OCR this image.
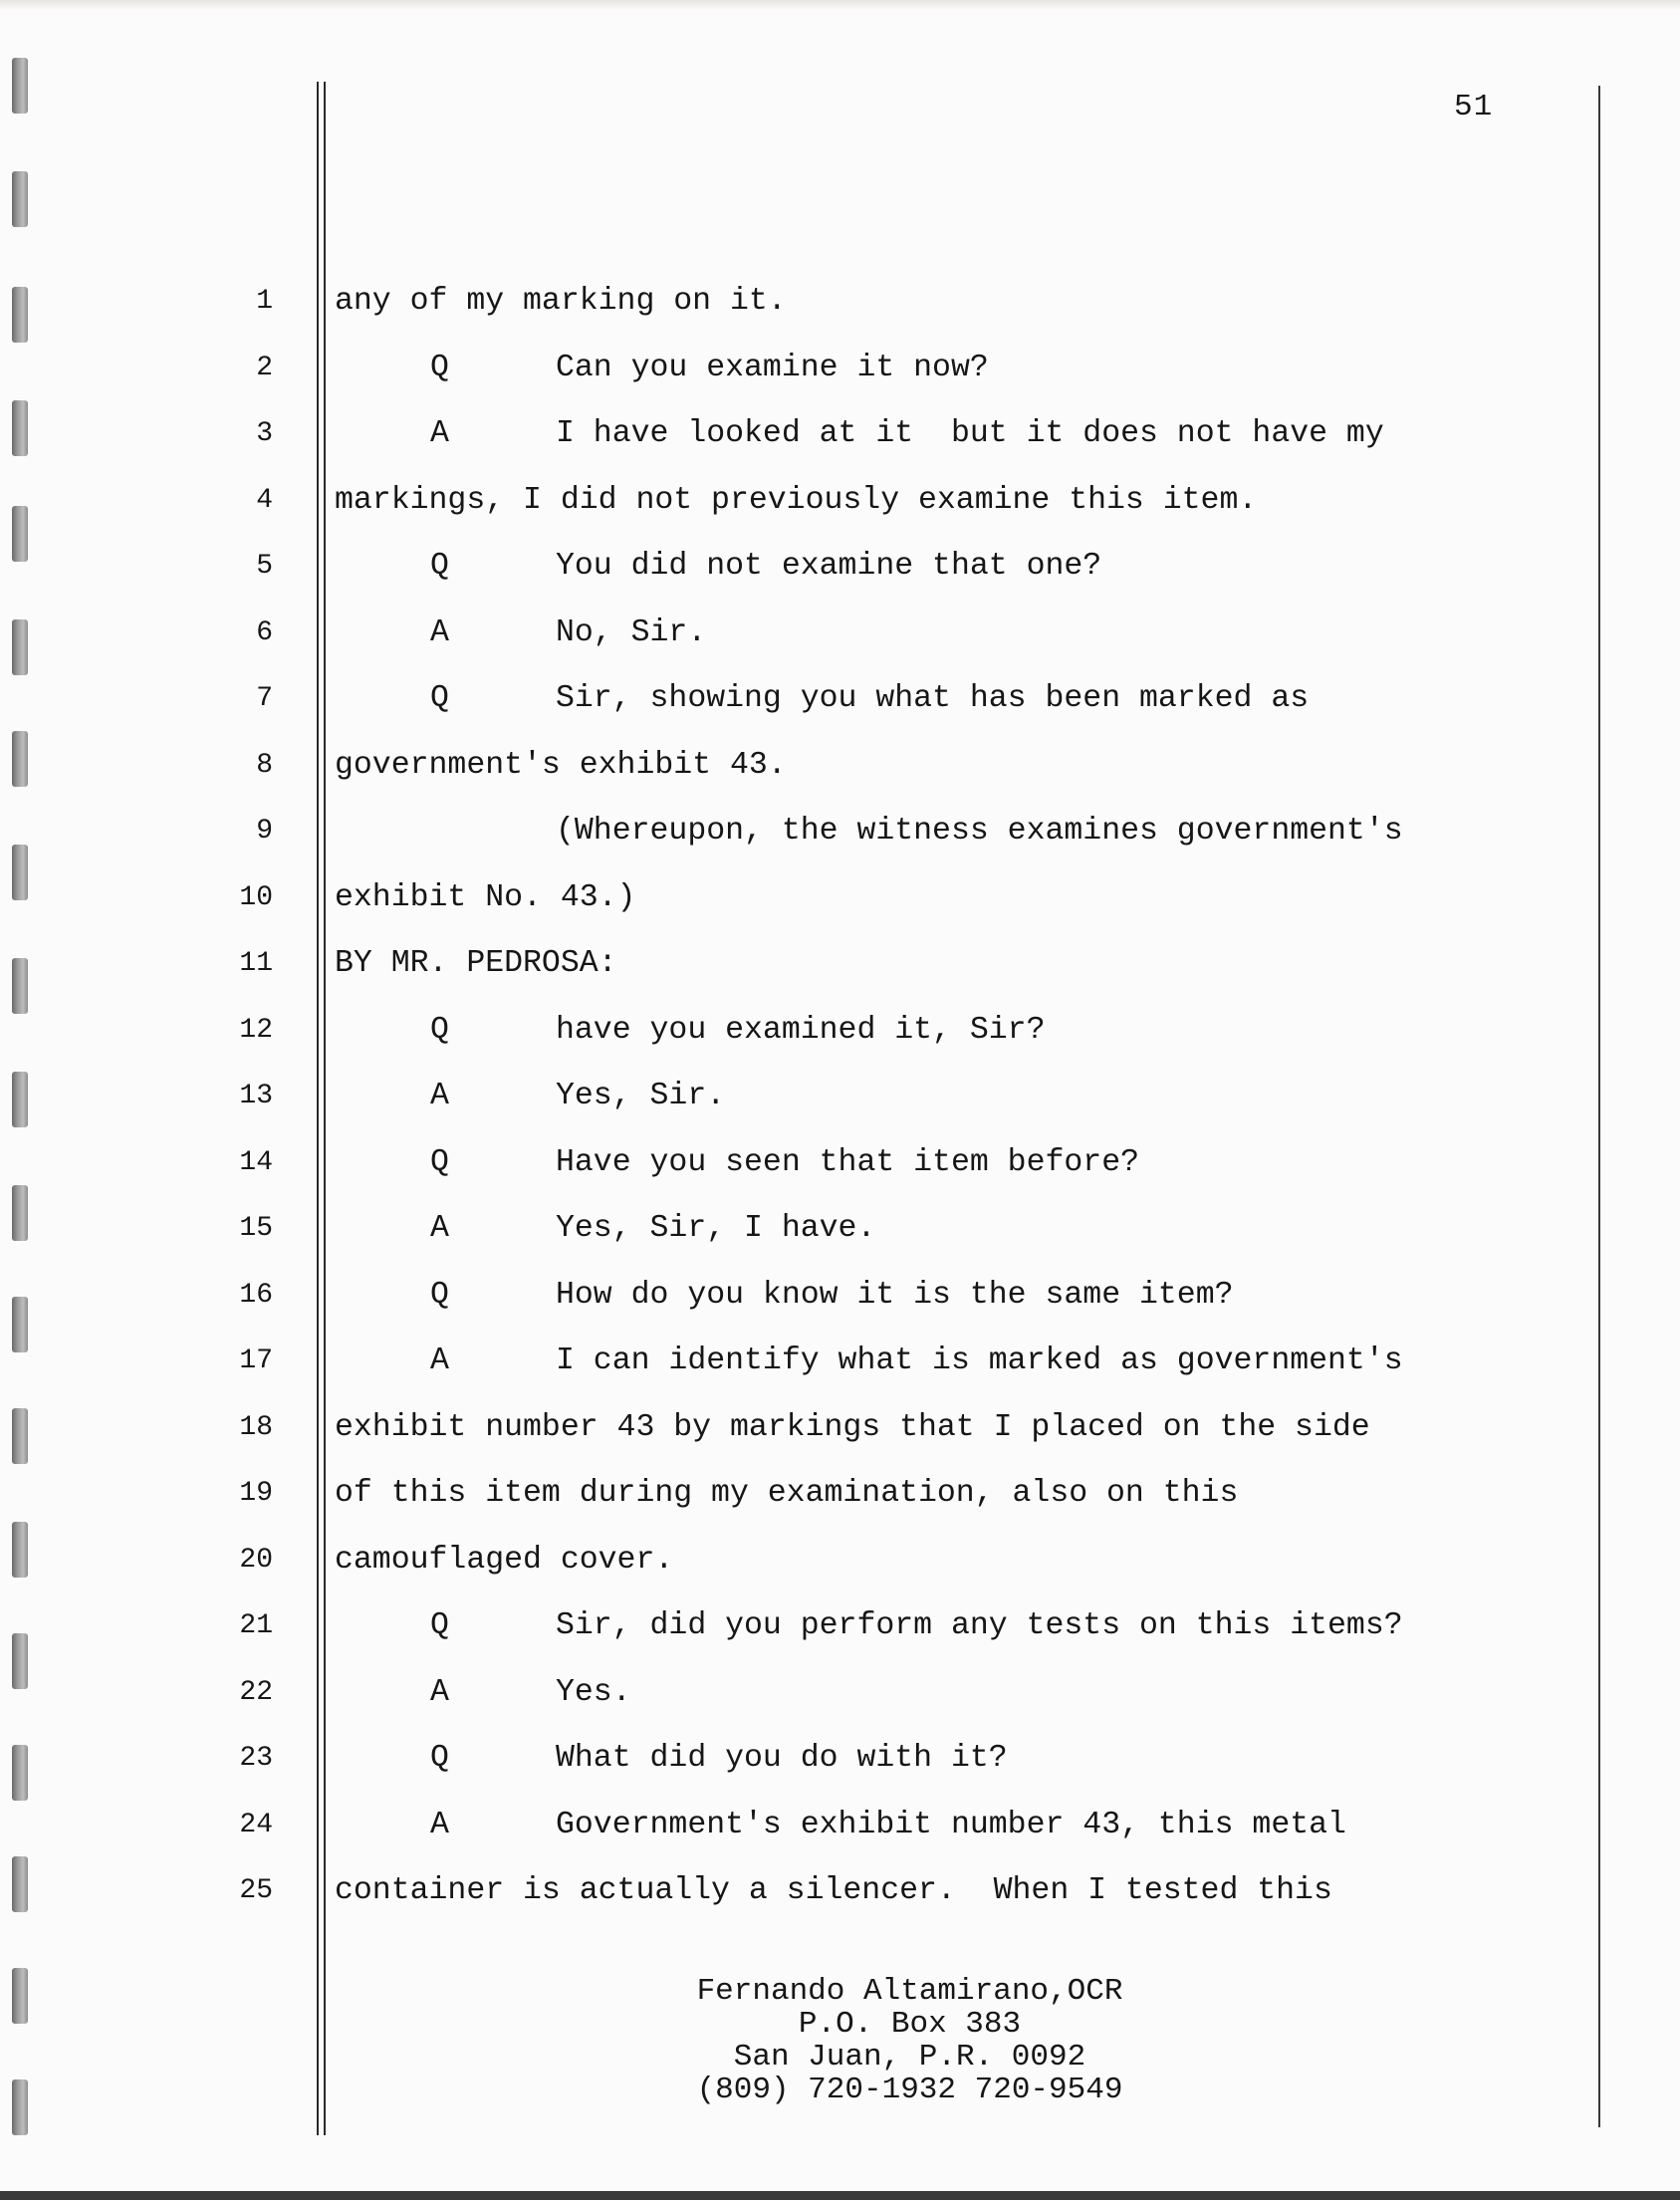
51
1 any of my marking on it.
2	Q	Can you examine it now?
3	A	I have looked at it  but it does not have my
4 markings, I did not previously examine this item.
5	Q	You did not examine that one?
6	A	No, Sir.
7	Q	Sir, showing you what has been marked as
8 government's exhibit 43.
9	(Whereupon, the witness examines government's
10 exhibit No. 43.)
11 BY MR. PEDROSA:
12	Q	have you examined it, Sir?
13	A	Yes, Sir.
14	Q	Have you seen that item before?
15	A	Yes, Sir, I have.
16	Q	How do you know it is the same item?
17	A	I can identify what is marked as government's
18 exhibit number 43 by markings that I placed on the side
19 of this item during my examination, also on this
20 camouflaged cover.
21	Q	Sir, did you perform any tests on this items?
22	A	Yes.
23	Q	What did you do with it?
24	A	Government's exhibit number 43, this metal
25 container is actually a silencer.  When I tested this
Fernando Altamirano,OCR
P.O. Box 383
San Juan, P.R. 0092
(809) 720-1932 720-9549
